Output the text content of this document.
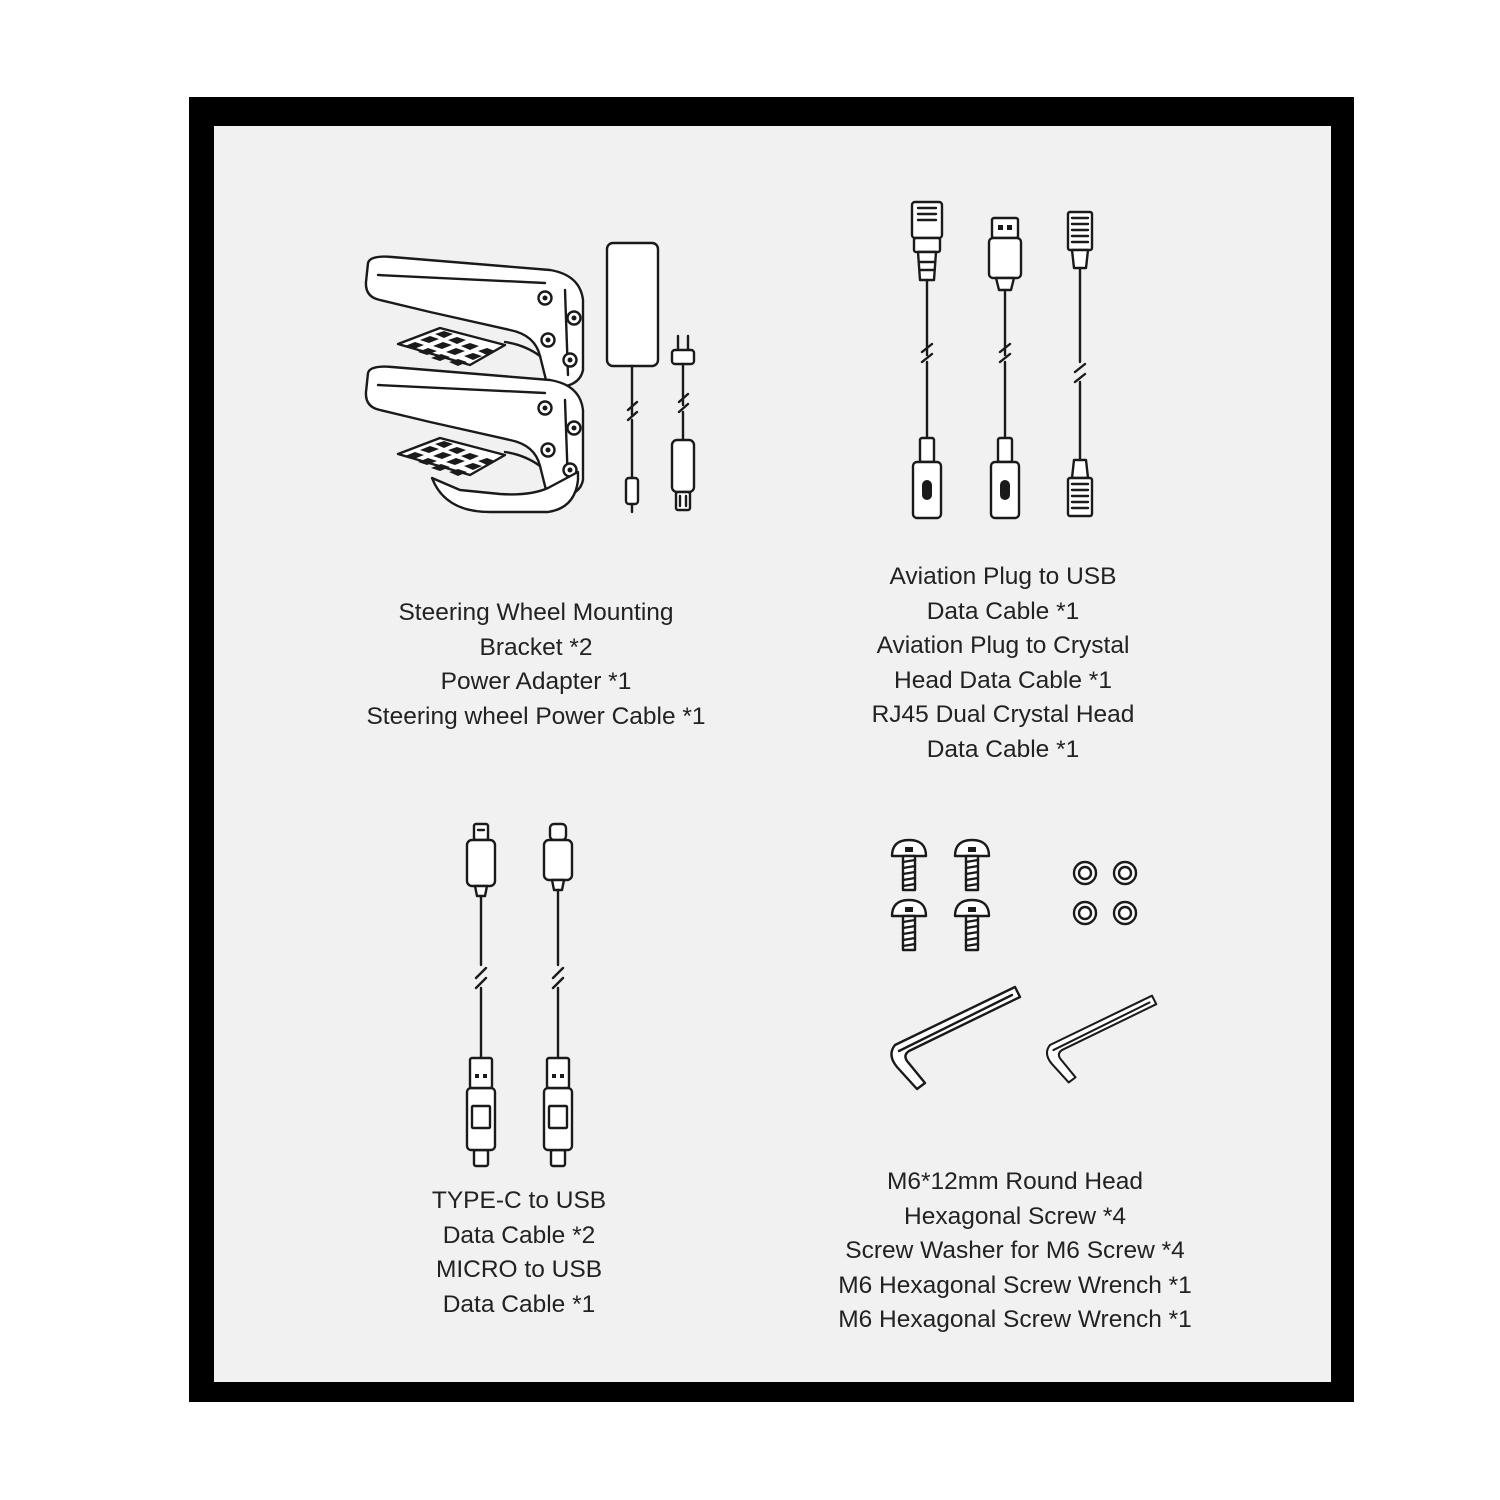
Steering Wheel Mounting
Bracket *2
Power Adapter *1
Steering wheel Power Cable *1
Aviation Plug to USB
Data Cable *1
Aviation Plug to Crystal
Head Data Cable *1
RJ45 Dual Crystal Head
Data Cable *1
TYPE-C to USB
Data Cable *2
MICRO to USB
Data Cable *1
M6*12mm Round Head
Hexagonal Screw *4
Screw Washer for M6 Screw *4
M6 Hexagonal Screw Wrench *1
M6 Hexagonal Screw Wrench *1
